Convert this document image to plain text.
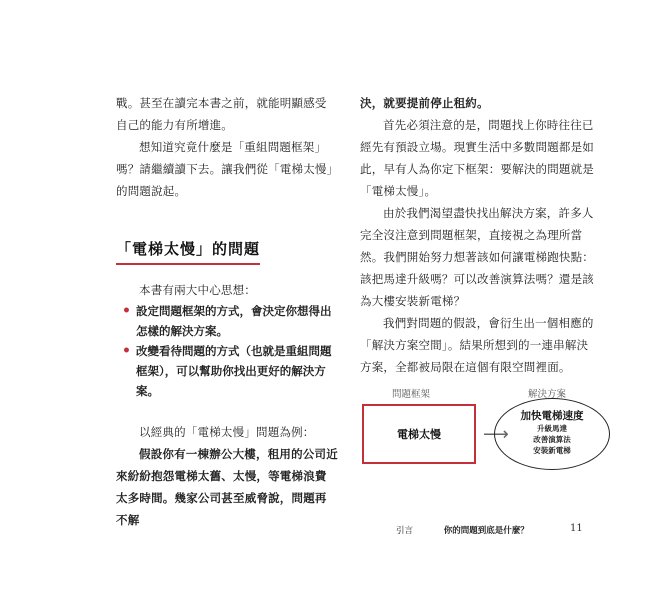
戰。甚至在讀完本書之前，就能明顯感受自己的能力有所增進。

想知道究竟什麼是「重組問題框架」嗎？請繼續讀下去。讓我們從「電梯太慢」的問題說起。

「電梯太慢」的問題

本書有兩大中心思想：

• 設定問題框架的方式，會決定你想得出怎樣的解決方案。
• 改變看待問題的方式（也就是重組問題框架），可以幫助你找出更好的解決方案。

以經典的「電梯太慢」問題為例：

假設你有一棟辦公大樓，租用的公司近來紛紛抱怨電梯太舊、太慢，等電梯浪費太多時間。幾家公司甚至威脅說，問題再不解

決，就要提前停止租約。

首先必須注意的是，問題找上你時往往已經先有預設立場。現實生活中多數問題都是如此，早有人為你定下框架：要解決的問題就是「電梯太慢」。

由於我們渴望盡快找出解決方案，許多人完全沒注意到問題框架，直接視之為理所當然。我們開始努力想著該如何讓電梯跑快點：該把馬達升級嗎？可以改善演算法嗎？還是該為大樓安裝新電梯？

我們對問題的假設，會衍生出一個相應的「解決方案空間」。結果所想到的一連串解決方案，全都被局限在這個有限空間裡面。

問題框架	解決方案
電梯太慢	⟶
加快電梯速度
升級馬達
改善演算法
安裝新電梯
引言	你的問題到底是什麼？	11
